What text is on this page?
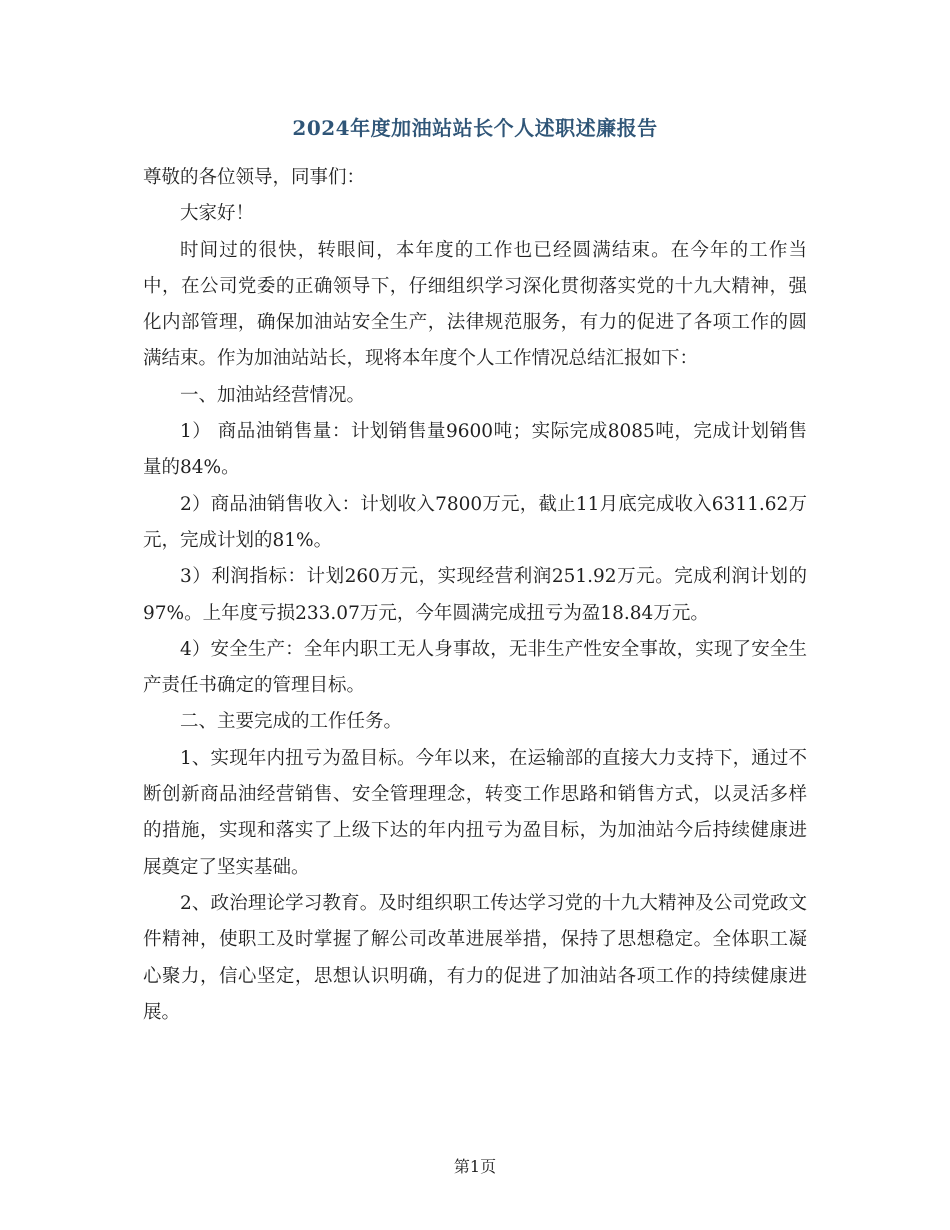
2024年度加油站站长个人述职述廉报告

尊敬的各位领导，同事们：

大家好！

时间过的很快，转眼间，本年度的工作也已经圆满结束。在今年的工作当中，在公司党委的正确领导下，仔细组织学习深化贯彻落实党的十九大精神，强化内部管理，确保加油站安全生产，法律规范服务，有力的促进了各项工作的圆满结束。作为加油站站长，现将本年度个人工作情况总结汇报如下：

一、加油站经营情况。

1） 商品油销售量：计划销售量9600吨；实际完成8085吨，完成计划销售量的84%。

2）商品油销售收入：计划收入7800万元，截止11月底完成收入6311.62万元，完成计划的81%。

3）利润指标：计划260万元，实现经营利润251.92万元。完成利润计划的97%。上年度亏损233.07万元，今年圆满完成扭亏为盈18.84万元。

4）安全生产：全年内职工无人身事故，无非生产性安全事故，实现了安全生产责任书确定的管理目标。

二、主要完成的工作任务。

1、实现年内扭亏为盈目标。今年以来，在运输部的直接大力支持下，通过不断创新商品油经营销售、安全管理理念，转变工作思路和销售方式，以灵活多样的措施，实现和落实了上级下达的年内扭亏为盈目标，为加油站今后持续健康进展奠定了坚实基础。

2、政治理论学习教育。及时组织职工传达学习党的十九大精神及公司党政文件精神，使职工及时掌握了解公司改革进展举措，保持了思想稳定。全体职工凝心聚力，信心坚定，思想认识明确，有力的促进了加油站各项工作的持续健康进展。

第1页
